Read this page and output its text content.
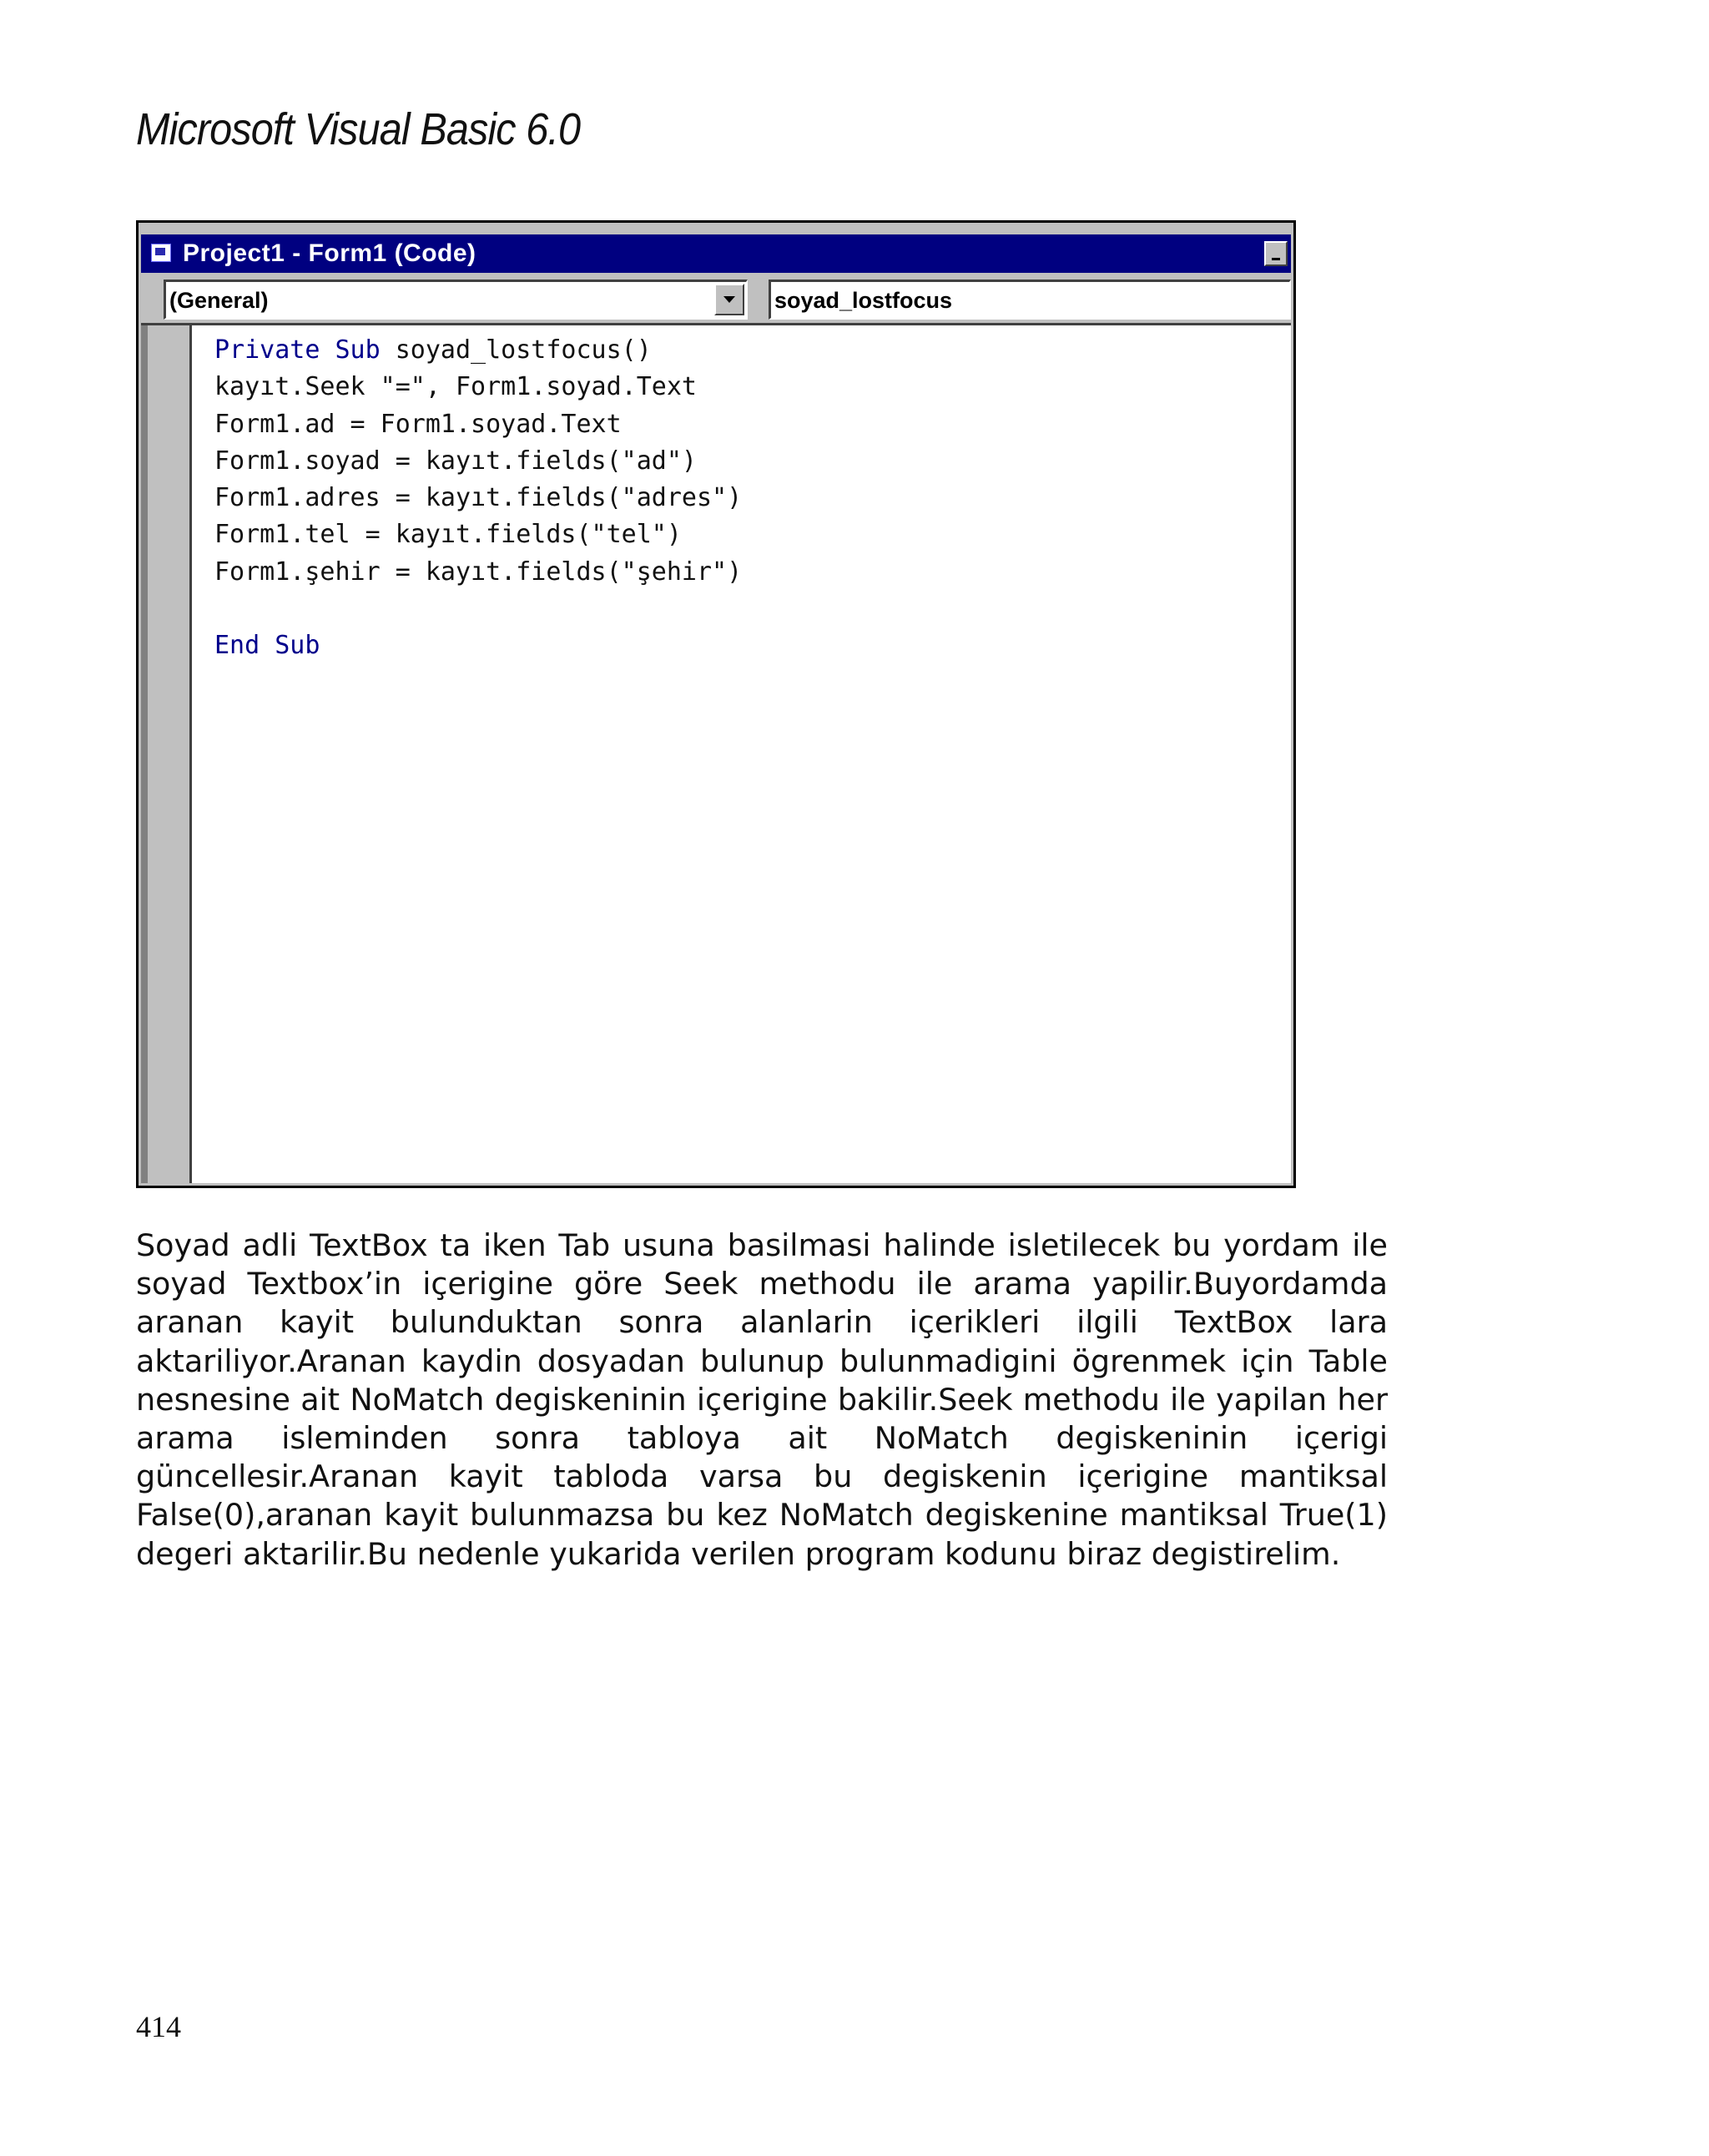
Microsoft Visual Basic 6.0
Project1 - Form1 (Code)
(General)	soyad_lostfocus
Private Sub soyad_lostfocus()
kayıt.Seek "=", Form1.soyad.Text
Form1.ad = Form1.soyad.Text
Form1.soyad = kayıt.fields("ad")
Form1.adres = kayıt.fields("adres")
Form1.tel = kayıt.fields("tel")
Form1.şehir = kayıt.fields("şehir")
End Sub
Soyad adli TextBox ta iken Tab usuna basilmasi halinde isletilecek bu yordam ile soyad Textbox’in içerigine göre Seek methodu ile arama yapilir.Buyordamda aranan kayit bulunduktan sonra alanlarin içerikleri ilgili TextBox lara aktariliyor.Aranan kaydin dosyadan bulunup bulunmadigini ögrenmek için Table nesnesine ait NoMatch degiskeninin içerigine bakilir.Seek methodu ile yapilan her arama isleminden sonra tabloya ait NoMatch degiskeninin içerigi güncellesir.Aranan kayit tabloda varsa bu degiskenin içerigine mantiksal False(0),aranan kayit bulunmazsa bu kez NoMatch degiskenine mantiksal True(1) degeri aktarilir.Bu nedenle yukarida verilen program kodunu biraz degistirelim.
414
